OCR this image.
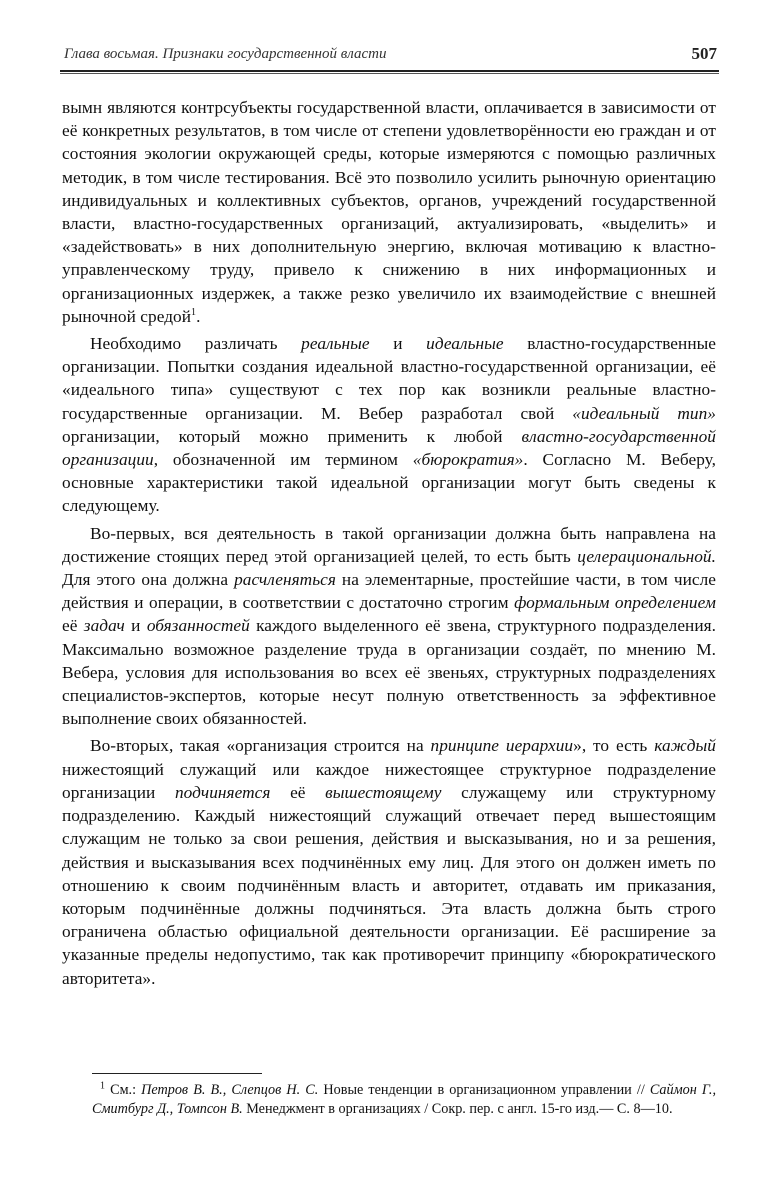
Глава восьмая. Признаки государственной власти	507

вымн являются контрсубъекты государственной власти, оплачивается в зависимости от её конкретных результатов, в том числе от степени удовлетворённости ею граждан и от состояния экологии окружающей среды, которые измеряются с помощью различных методик, в том числе тестирования. Всё это позволило усилить рыночную ориентацию индивидуальных и коллективных субъектов, органов, учреждений государственной власти, властно-государственных организаций, актуализировать, «выделить» и «задействовать» в них дополнительную энергию, включая мотивацию к властно-управленческому труду, привело к снижению в них информационных и организационных издержек, а также резко увеличило их взаимодействие с внешней рыночной средой$^1$.

Необходимо различать реальные и идеальные властно-государственные организации. Попытки создания идеальной властно-государственной организации, её «идеального типа» существуют с тех пор как возникли реальные властно-государственные организации. М. Вебер разработал свой «идеальный тип» организации, который можно применить к любой властно-государственной организации, обозначенной им термином «бюрократия». Согласно М. Веберу, основные характеристики такой идеальной организации могут быть сведены к следующему.

Во-первых, вся деятельность в такой организации должна быть направлена на достижение стоящих перед этой организацией целей, то есть быть целерациональной. Для этого она должна расчленяться на элементарные, простейшие части, в том числе действия и операции, в соответствии с достаточно строгим формальным определением её задач и обязанностей каждого выделенного её звена, структурного подразделения. Максимально возможное разделение труда в организации создаёт, по мнению М. Вебера, условия для использования во всех её звеньях, структурных подразделениях специалистов-экспертов, которые несут полную ответственность за эффективное выполнение своих обязанностей.

Во-вторых, такая «организация строится на принципе иерархии», то есть каждый нижестоящий служащий или каждое нижестоящее структурное подразделение организации подчиняется её вышестоящему служащему или структурному подразделению. Каждый нижестоящий служащий отвечает перед вышестоящим служащим не только за свои решения, действия и высказывания, но и за решения, действия и высказывания всех подчинённых ему лиц. Для этого он должен иметь по отношению к своим подчинённым власть и авторитет, отдавать им приказания, которым подчинённые должны подчиняться. Эта власть должна быть строго ограничена областью официальной деятельности организации. Её расширение за указанные пределы недопустимо, так как противоречит принципу «бюрократического авторитета».

$^1$ См.: Петров В. В., Слепцов Н. С. Новые тенденции в организационном управлении // Саймон Г., Смитбург Д., Томпсон В. Менеджмент в организациях / Сокр. пер. с англ. 15-го изд.— С. 8—10.
